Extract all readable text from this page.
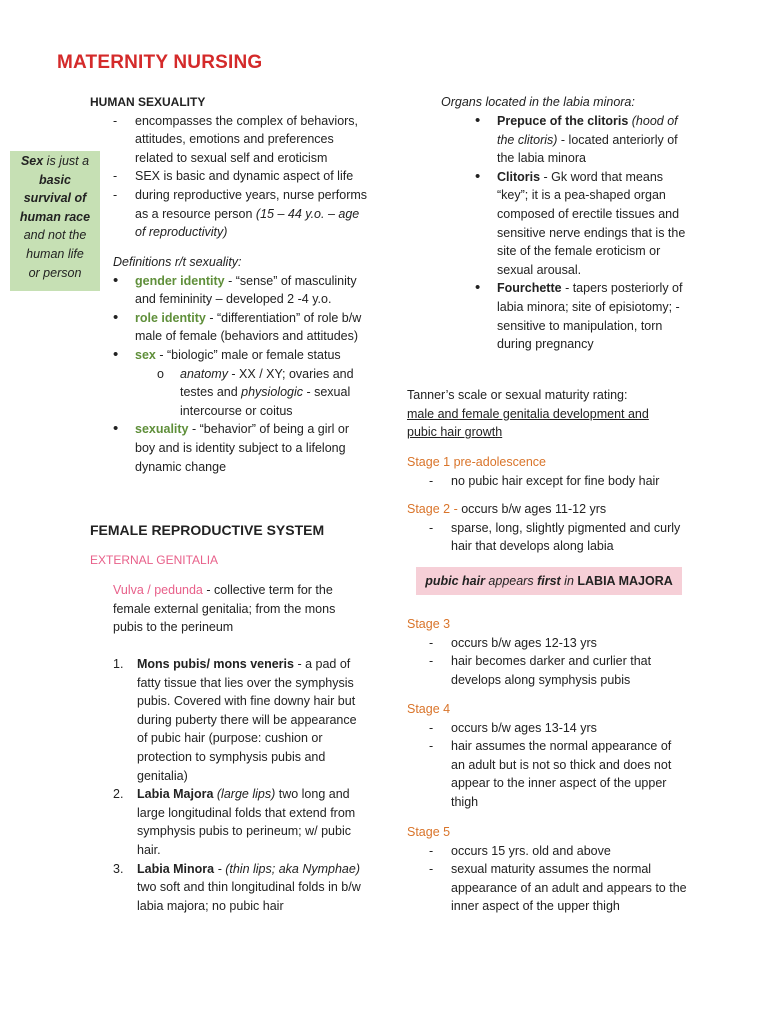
MATERNITY NURSING
Sex is just a
basic
survival of
human race
and not the
human life
or person
HUMAN SEXUALITY
- encompasses the complex of behaviors, attitudes, emotions and preferences related to sexual self and eroticism
- SEX is basic and dynamic aspect of life
- during reproductive years, nurse performs as a resource person (15 – 44 y.o. – age of reproductivity)
Definitions r/t sexuality:
• gender identity - “sense” of masculinity and femininity – developed 2 -4 y.o.
• role identity - “differentiation” of role b/w male of female (behaviors and attitudes)
• sex - “biologic” male or female status
o anatomy - XX / XY; ovaries and testes and physiologic - sexual intercourse or coitus
• sexuality - “behavior” of being a girl or boy and is identity subject to a lifelong dynamic change
FEMALE REPRODUCTIVE SYSTEM
EXTERNAL GENITALIA
Vulva / pedunda - collective term for the female external genitalia; from the mons pubis to the perineum
1. Mons pubis/ mons veneris - a pad of fatty tissue that lies over the symphysis pubis. Covered with fine downy hair but during puberty there will be appearance of pubic hair (purpose: cushion or protection to symphysis pubis and genitalia)
2. Labia Majora (large lips) two long and large longitudinal folds that extend from symphysis pubis to perineum; w/ pubic hair.
3. Labia Minora - (thin lips; aka Nymphae) two soft and thin longitudinal folds in b/w labia majora; no pubic hair
Organs located in the labia minora:
• Prepuce of the clitoris (hood of the clitoris) - located anteriorly of the labia minora
• Clitoris - Gk word that means “key”; it is a pea-shaped organ composed of erectile tissues and sensitive nerve endings that is the site of the female eroticism or sexual arousal.
• Fourchette - tapers posteriorly of labia minora; site of episiotomy; - sensitive to manipulation, torn during pregnancy
Tanner’s scale or sexual maturity rating:
male and female genitalia development and
pubic hair growth
Stage 1 pre-adolescence
- no pubic hair except for fine body hair
Stage 2 - occurs b/w ages 11-12 yrs
- sparse, long, slightly pigmented and curly hair that develops along labia
pubic hair appears first in LABIA MAJORA
Stage 3
- occurs b/w ages 12-13 yrs
- hair becomes darker and curlier that develops along symphysis pubis
Stage 4
- occurs b/w ages 13-14 yrs
- hair assumes the normal appearance of an adult but is not so thick and does not appear to the inner aspect of the upper thigh
Stage 5
- occurs 15 yrs. old and above
- sexual maturity assumes the normal appearance of an adult and appears to the inner aspect of the upper thigh
